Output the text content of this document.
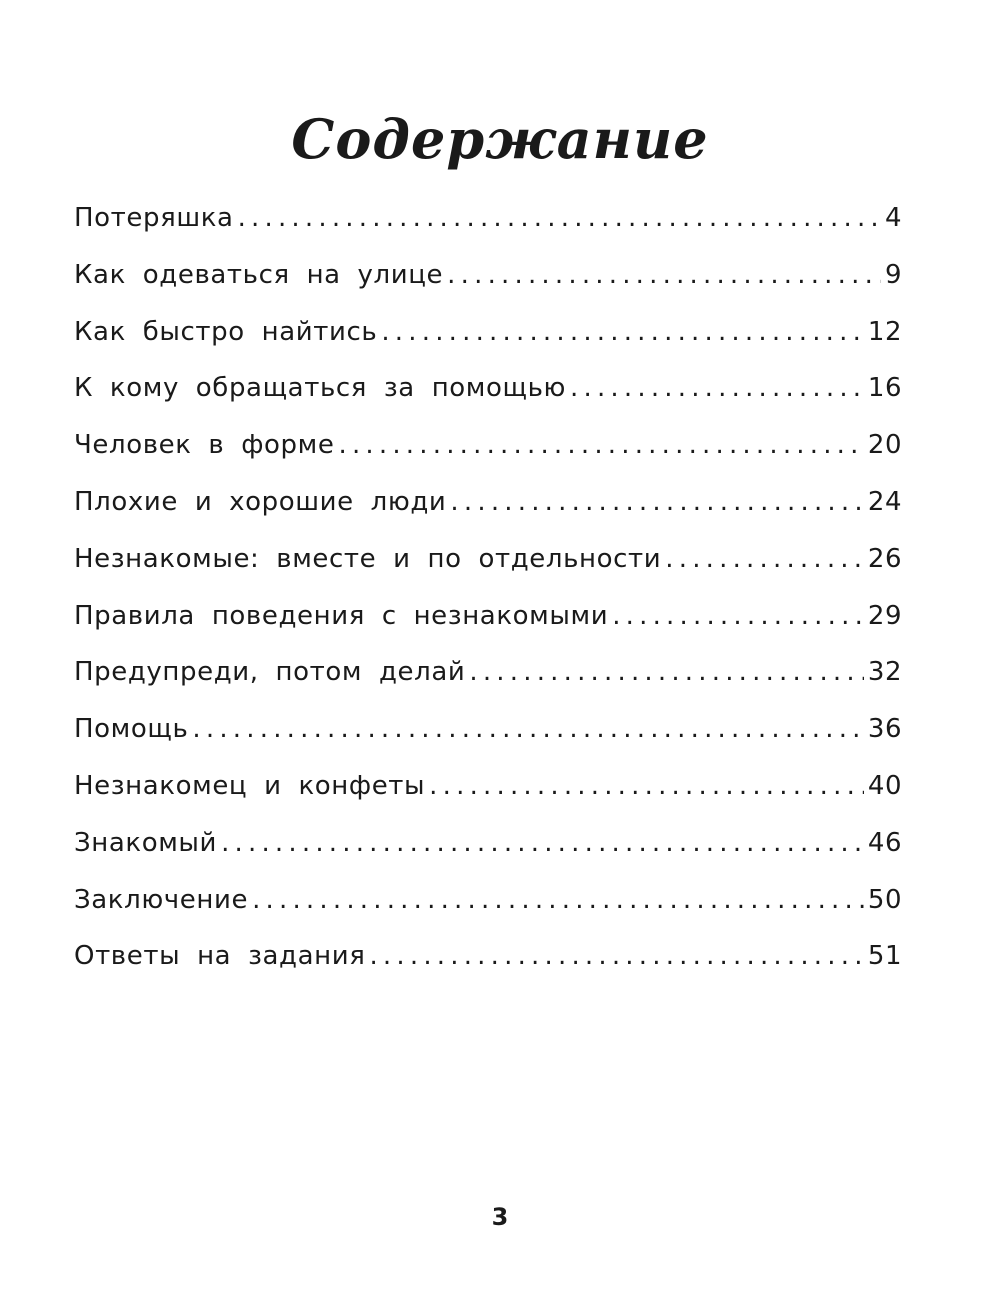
Содержание
Потеряшка .....	4
Как одеваться на улице .....	9
Как быстро найтись .....	12
К кому обращаться за помощью .....	16
Человек в форме .....	20
Плохие и хорошие люди .....	24
Незнакомые: вместе и по отдельности .....	26
Правила поведения с незнакомыми .....	29
Предупреди, потом делай .....	32
Помощь .....	36
Незнакомец и конфеты .....	40
Знакомый .....	46
Заключение .....	50
Ответы на задания .....	51
3
